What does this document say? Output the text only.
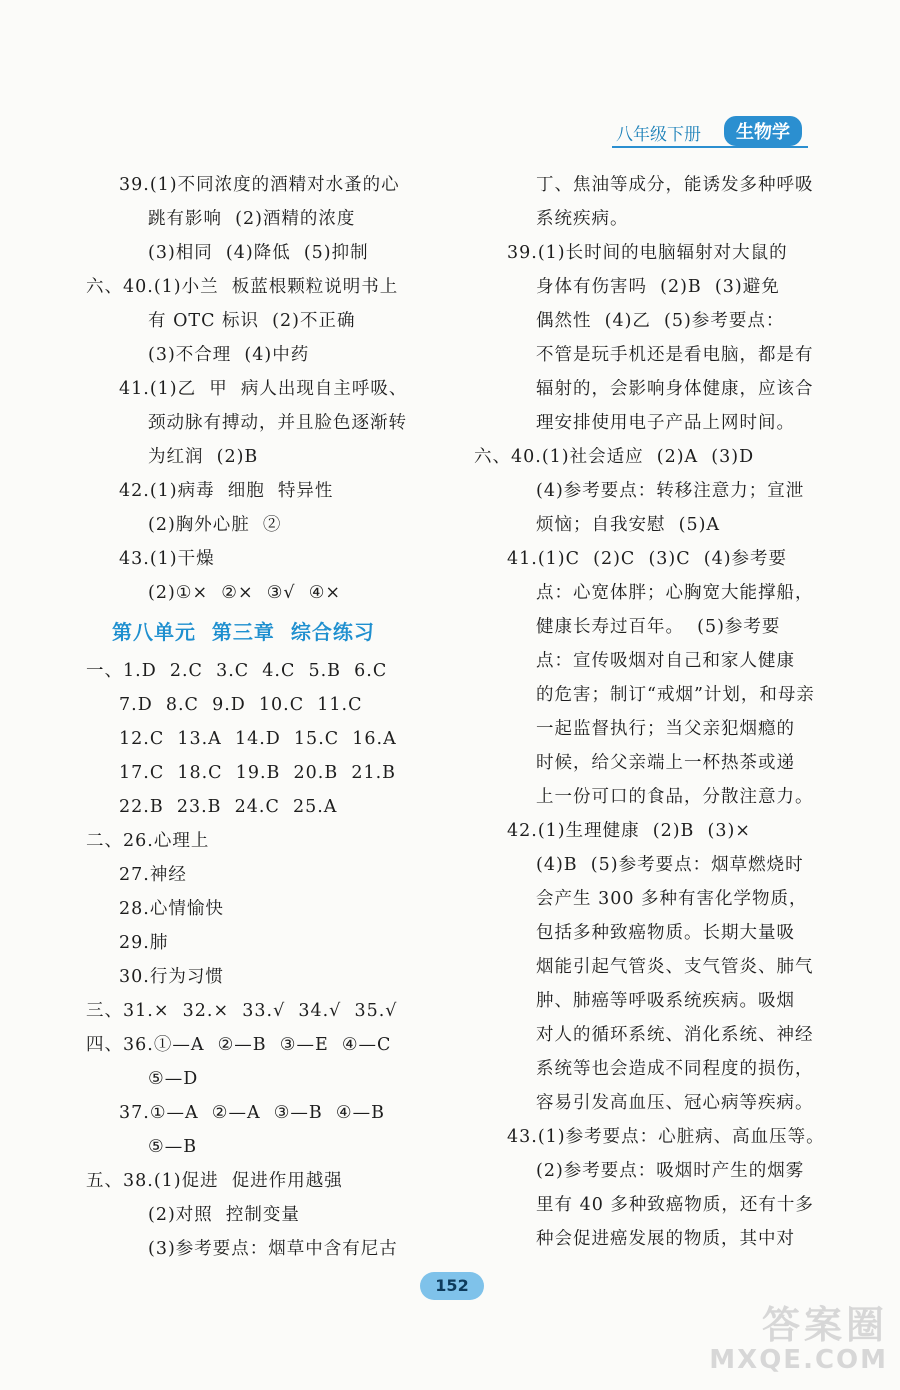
八年级下册	生物学
39.(1)不同浓度的酒精对水蚤的心
跳有影响  (2)酒精的浓度
(3)相同  (4)降低  (5)抑制
六、40.(1)小兰  板蓝根颗粒说明书上
有 OTC 标识  (2)不正确
(3)不合理  (4)中药
41.(1)乙  甲  病人出现自主呼吸、
颈动脉有搏动，并且脸色逐渐转
为红润  (2)B
42.(1)病毒  细胞  特异性
(2)胸外心脏  ②
43.(1)干燥
(2)①×  ②×  ③√  ④×
第八单元  第三章  综合练习
一、1.D  2.C  3.C  4.C  5.B  6.C
7.D  8.C  9.D  10.C  11.C
12.C  13.A  14.D  15.C  16.A
17.C  18.C  19.B  20.B  21.B
22.B  23.B  24.C  25.A
二、26.心理上
27.神经
28.心情愉快
29.肺
30.行为习惯
三、31.×  32.×  33.√  34.√  35.√
四、36.①—A  ②—B  ③—E  ④—C
⑤—D
37.①—A  ②—A  ③—B  ④—B
⑤—B
五、38.(1)促进  促进作用越强
(2)对照  控制变量
(3)参考要点：烟草中含有尼古
丁、焦油等成分，能诱发多种呼吸
系统疾病。
39.(1)长时间的电脑辐射对大鼠的
身体有伤害吗  (2)B  (3)避免
偶然性  (4)乙  (5)参考要点：
不管是玩手机还是看电脑，都是有
辐射的，会影响身体健康，应该合
理安排使用电子产品上网时间。
六、40.(1)社会适应  (2)A  (3)D
(4)参考要点：转移注意力；宣泄
烦恼；自我安慰  (5)A
41.(1)C  (2)C  (3)C  (4)参考要
点：心宽体胖；心胸宽大能撑船，
健康长寿过百年。  (5)参考要
点：宣传吸烟对自己和家人健康
的危害；制订“戒烟”计划，和母亲
一起监督执行；当父亲犯烟瘾的
时候，给父亲端上一杯热茶或递
上一份可口的食品，分散注意力。
42.(1)生理健康  (2)B  (3)×
(4)B  (5)参考要点：烟草燃烧时
会产生 300 多种有害化学物质，
包括多种致癌物质。长期大量吸
烟能引起气管炎、支气管炎、肺气
肿、肺癌等呼吸系统疾病。吸烟
对人的循环系统、消化系统、神经
系统等也会造成不同程度的损伤，
容易引发高血压、冠心病等疾病。
43.(1)参考要点：心脏病、高血压等。
(2)参考要点：吸烟时产生的烟雾
里有 40 多种致癌物质，还有十多
种会促进癌发展的物质，其中对
152
答案圈
MXQE.COM
